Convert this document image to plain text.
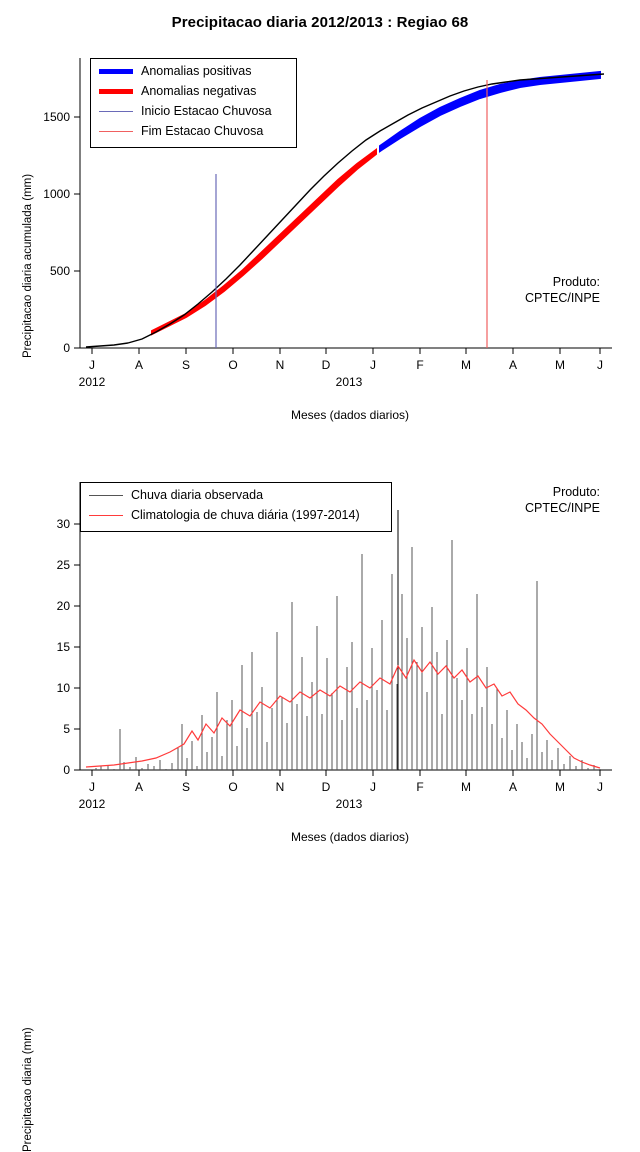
Precipitacao diaria 2012/2013 : Regiao 68
Precipitacao diaria acumulada (mm)	0
500
1000
1500
J	A	S	O	N	D	J	F	M	A	M	J
2012	2013
Meses (dados diarios)
Produto:
CPTEC/INPE
Anomalias positivas
Anomalias negativas
Inicio Estacao Chuvosa
Fim Estacao Chuvosa
Precipitacao diaria (mm)
0
5
10
15
20
25
30
J	A	S	O	N	D	J	F	M	A	M	J
2012	2013
Meses (dados diarios)
Produto:
CPTEC/INPE
Chuva diaria observada
Climatologia de chuva diária (1997-2014)
